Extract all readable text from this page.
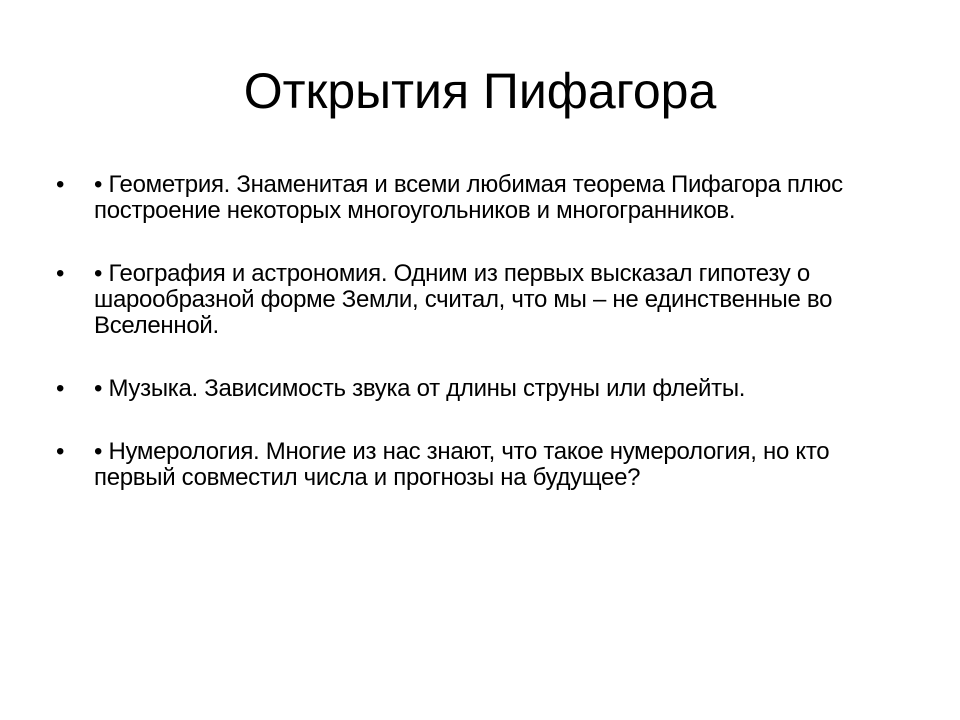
Открытия Пифагора
•	• Геометрия. Знаменитая и всеми любимая теорема Пифагора плюс построение некоторых многоугольников и многогранников.
•	• География и астрономия. Одним из первых высказал гипотезу о шарообразной форме Земли, считал, что мы – не единственные во Вселенной.
•	• Музыка. Зависимость звука от длины струны или флейты.
•	• Нумерология. Многие из нас знают, что такое нумерология, но кто первый совместил числа и прогнозы на будущее?
